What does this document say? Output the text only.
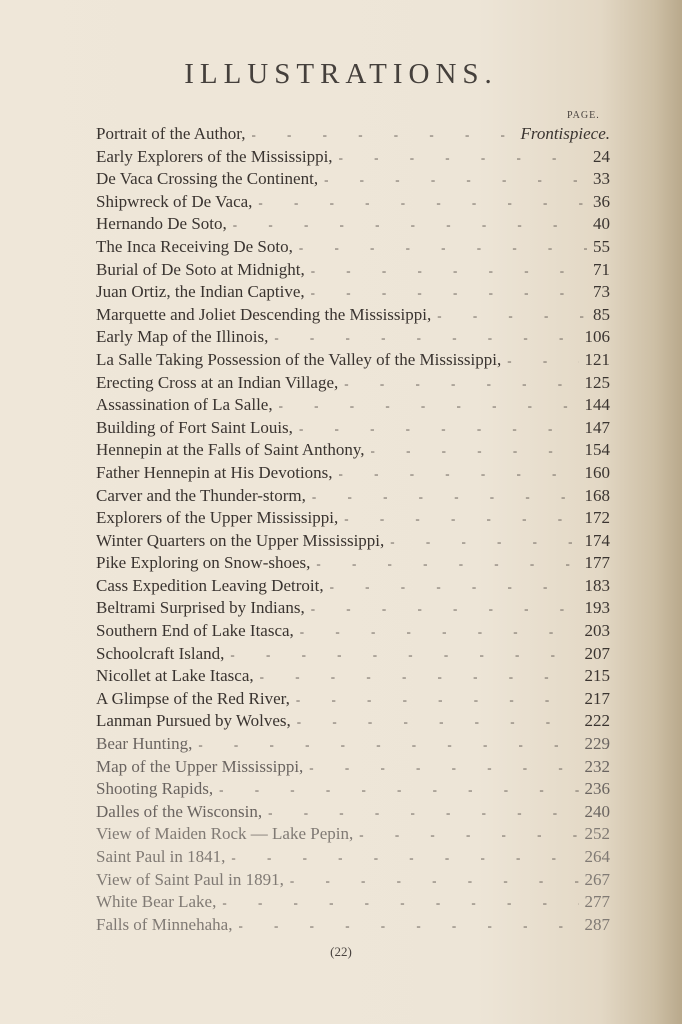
ILLUSTRATIONS.
PAGE.
Portrait of the Author, - - -	Frontispiece.
Early Explorers of the Mississippi, - - -	24
De Vaca Crossing the Continent, - - -	33
Shipwreck of De Vaca, - - -	36
Hernando De Soto, - - -	40
The Inca Receiving De Soto, - - -	55
Burial of De Soto at Midnight, - - -	71
Juan Ortiz, the Indian Captive, - - -	73
Marquette and Joliet Descending the Mississippi, - - -	85
Early Map of the Illinois, - - -	106
La Salle Taking Possession of the Valley of the Mississippi, - - -	121
Erecting Cross at an Indian Village, - - -	125
Assassination of La Salle, - - -	144
Building of Fort Saint Louis, - - -	147
Hennepin at the Falls of Saint Anthony, - - -	154
Father Hennepin at His Devotions, - - -	160
Carver and the Thunder-storm, - - -	168
Explorers of the Upper Mississippi, - - -	172
Winter Quarters on the Upper Mississippi, - - -	174
Pike Exploring on Snow-shoes, - - -	177
Cass Expedition Leaving Detroit, - - -	183
Beltrami Surprised by Indians, - - -	193
Southern End of Lake Itasca, - - -	203
Schoolcraft Island, - - -	207
Nicollet at Lake Itasca, - - -	215
A Glimpse of the Red River, - - -	217
Lanman Pursued by Wolves, - - -	222
Bear Hunting, - - -	229
Map of the Upper Mississippi, - - -	232
Shooting Rapids, - - -	236
Dalles of the Wisconsin, - - -	240
View of Maiden Rock — Lake Pepin, - - -	252
Saint Paul in 1841, - - -	264
View of Saint Paul in 1891, - - -	267
White Bear Lake, - - -	277
Falls of Minnehaha, - - -	287
(22)
